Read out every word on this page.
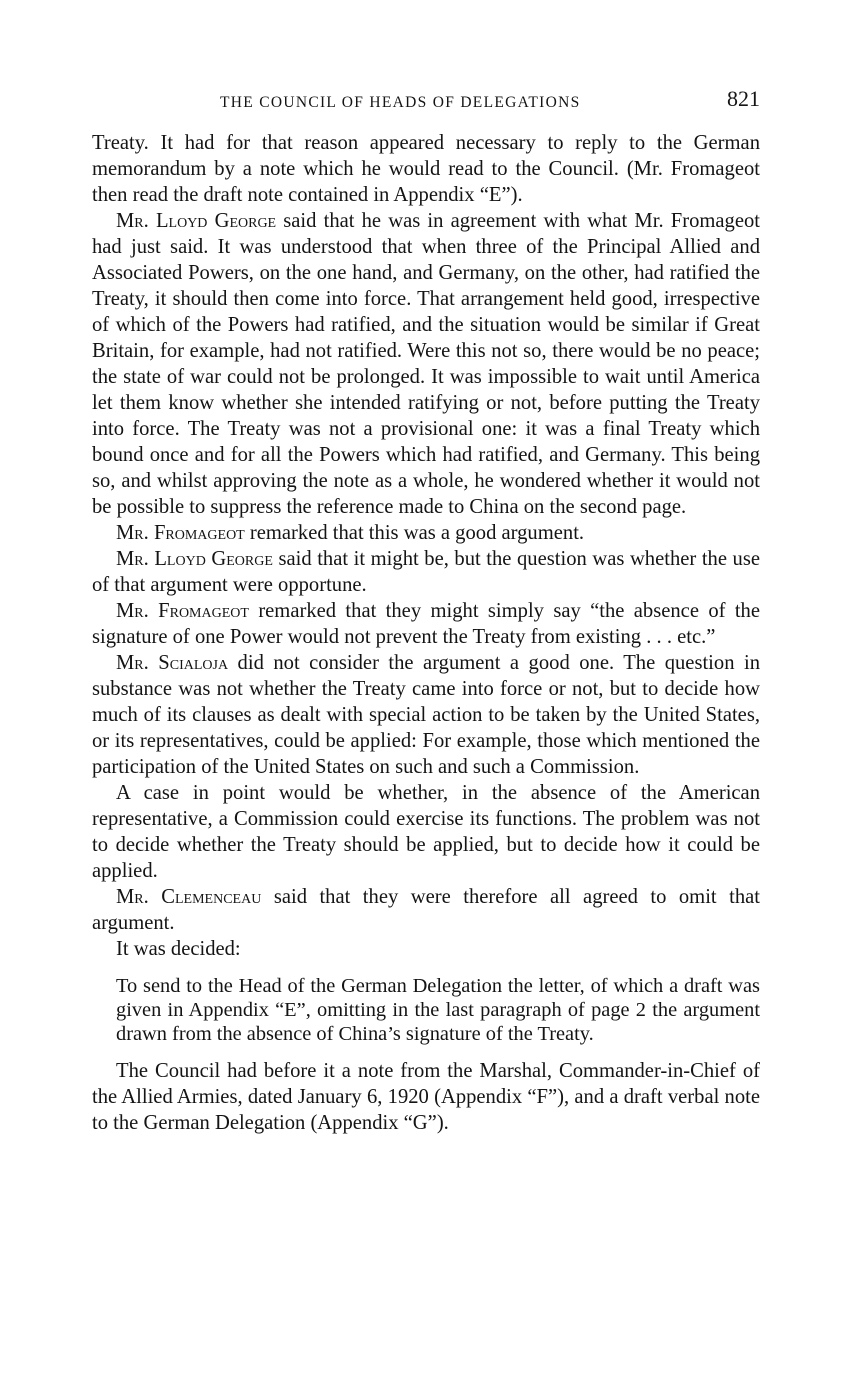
THE COUNCIL OF HEADS OF DELEGATIONS	821

Treaty. It had for that reason appeared necessary to reply to the German memorandum by a note which he would read to the Council. (Mr. Fromageot then read the draft note contained in Appendix “E”).

Mr. Lloyd George said that he was in agreement with what Mr. Fromageot had just said. It was understood that when three of the Principal Allied and Associated Powers, on the one hand, and Germany, on the other, had ratified the Treaty, it should then come into force. That arrangement held good, irrespective of which of the Powers had ratified, and the situation would be similar if Great Britain, for example, had not ratified. Were this not so, there would be no peace; the state of war could not be prolonged. It was impossible to wait until America let them know whether she intended ratifying or not, before putting the Treaty into force. The Treaty was not a provisional one: it was a final Treaty which bound once and for all the Powers which had ratified, and Germany. This being so, and whilst approving the note as a whole, he wondered whether it would not be possible to suppress the reference made to China on the second page.

Mr. Fromageot remarked that this was a good argument.

Mr. Lloyd George said that it might be, but the question was whether the use of that argument were opportune.

Mr. Fromageot remarked that they might simply say “the absence of the signature of one Power would not prevent the Treaty from existing . . . etc.”

Mr. Scialoja did not consider the argument a good one. The question in substance was not whether the Treaty came into force or not, but to decide how much of its clauses as dealt with special action to be taken by the United States, or its representatives, could be applied: For example, those which mentioned the participation of the United States on such and such a Commission.

A case in point would be whether, in the absence of the American representative, a Commission could exercise its functions. The problem was not to decide whether the Treaty should be applied, but to decide how it could be applied.

Mr. Clemenceau said that they were therefore all agreed to omit that argument.

It was decided:

To send to the Head of the German Delegation the letter, of which a draft was given in Appendix “E”, omitting in the last paragraph of page 2 the argument drawn from the absence of China’s signature of the Treaty.

The Council had before it a note from the Marshal, Commander-in-Chief of the Allied Armies, dated January 6, 1920 (Appendix “F”), and a draft verbal note to the German Delegation (Appendix “G”).
